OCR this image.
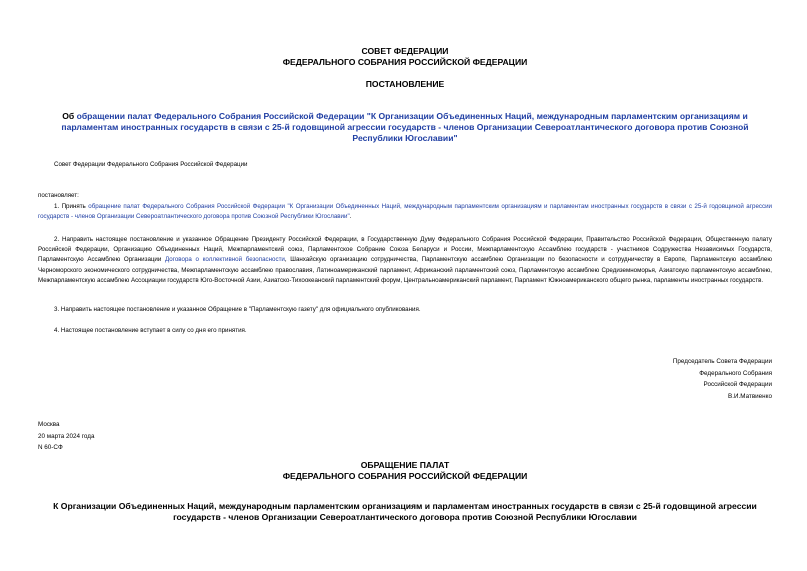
СОВЕТ ФЕДЕРАЦИИ
ФЕДЕРАЛЬНОГО СОБРАНИЯ РОССИЙСКОЙ ФЕДЕРАЦИИ
ПОСТАНОВЛЕНИЕ
Об обращении палат Федерального Собрания Российской Федерации "К Организации Объединенных Наций, международным парламентским организациям и парламентам иностранных государств в связи с 25-й годовщиной агрессии государств - членов Организации Североатлантического договора против Союзной Республики Югославии"
Совет Федерации Федерального Собрания Российской Федерации
постановляет:
1. Принять обращение палат Федерального Собрания Российской Федерации "К Организации Объединенных Наций, международным парламентским организациям и парламентам иностранных государств в связи с 25-й годовщиной агрессии государств - членов Организации Североатлантического договора против Союзной Республики Югославии".
2. Направить настоящее постановление и указанное Обращение Президенту Российской Федерации, в Государственную Думу Федерального Собрания Российской Федерации, Правительство Российской Федерации, Общественную палату Российской Федерации, Организацию Объединенных Наций, Межпарламентский союз, Парламентское Собрание Союза Беларуси и России, Межпарламентскую Ассамблею государств - участников Содружества Независимых Государств, Парламентскую Ассамблею Организации Договора о коллективной безопасности, Шанхайскую организацию сотрудничества, Парламентскую ассамблею Организации по безопасности и сотрудничеству в Европе, Парламентскую ассамблею Черноморского экономического сотрудничества, Межпарламентскую ассамблею православия, Латиноамериканский парламент, Африканский парламентский союз, Парламентскую ассамблею Средиземноморья, Азиатскую парламентскую ассамблею, Межпарламентскую ассамблею Ассоциации государств Юго-Восточной Азии, Азиатско-Тихоокеанский парламентский форум, Центральноамериканский парламент, Парламент Южноамериканского общего рынка, парламенты иностранных государств.
3. Направить настоящее постановление и указанное Обращение в "Парламентскую газету" для официального опубликования.
4. Настоящее постановление вступает в силу со дня его принятия.
Председатель Совета Федерации
Федерального Собрания
Российской Федерации
В.И.Матвиенко
Москва
20 марта 2024 года
N 60-СФ
ОБРАЩЕНИЕ ПАЛАТ
ФЕДЕРАЛЬНОГО СОБРАНИЯ РОССИЙСКОЙ ФЕДЕРАЦИИ
К Организации Объединенных Наций, международным парламентским организациям и парламентам иностранных государств в связи с 25-й годовщиной агрессии государств - членов Организации Североатлантического договора против Союзной Республики Югославии
